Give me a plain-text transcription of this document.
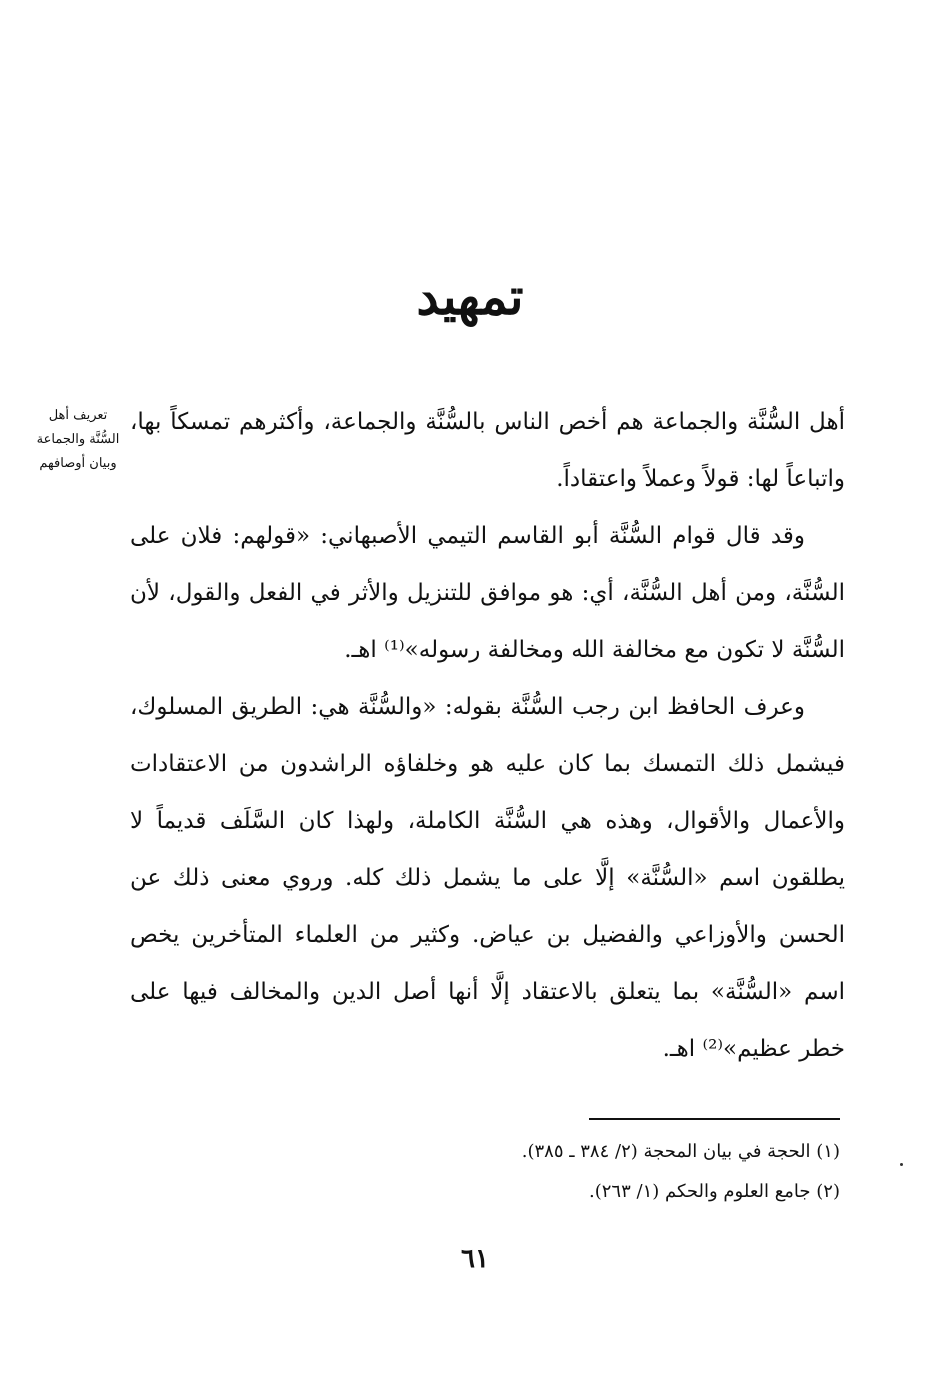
تمهيد
تعريف أهل
السُّنَّة والجماعة
وبيان أوصافهم

أهل السُّنَّة والجماعة هم أخص الناس بالسُّنَّة والجماعة، وأكثرهم تمسكاً بها، واتباعاً لها: قولاً وعملاً واعتقاداً.

وقد قال قوام السُّنَّة أبو القاسم التيمي الأصبهاني: «قولهم: فلان على السُّنَّة، ومن أهل السُّنَّة، أي: هو موافق للتنزيل والأثر في الفعل والقول، لأن السُّنَّة لا تكون مع مخالفة الله ومخالفة رسوله»⁽¹⁾ اهـ.

وعرف الحافظ ابن رجب السُّنَّة بقوله: «والسُّنَّة هي: الطريق المسلوك، فيشمل ذلك التمسك بما كان عليه هو وخلفاؤه الراشدون من الاعتقادات والأعمال والأقوال، وهذه هي السُّنَّة الكاملة، ولهذا كان السَّلَف قديماً لا يطلقون اسم «السُّنَّة» إلَّا على ما يشمل ذلك كله. وروي معنى ذلك عن الحسن والأوزاعي والفضيل بن عياض. وكثير من العلماء المتأخرين يخص اسم «السُّنَّة» بما يتعلق بالاعتقاد إلَّا أنها أصل الدين والمخالف فيها على خطر عظيم»⁽²⁾ اهـ.

(١) الحجة في بيان المحجة (٢/ ٣٨٤ ـ ٣٨٥).
(٢) جامع العلوم والحكم (١/ ٢٦٣).
٦١
